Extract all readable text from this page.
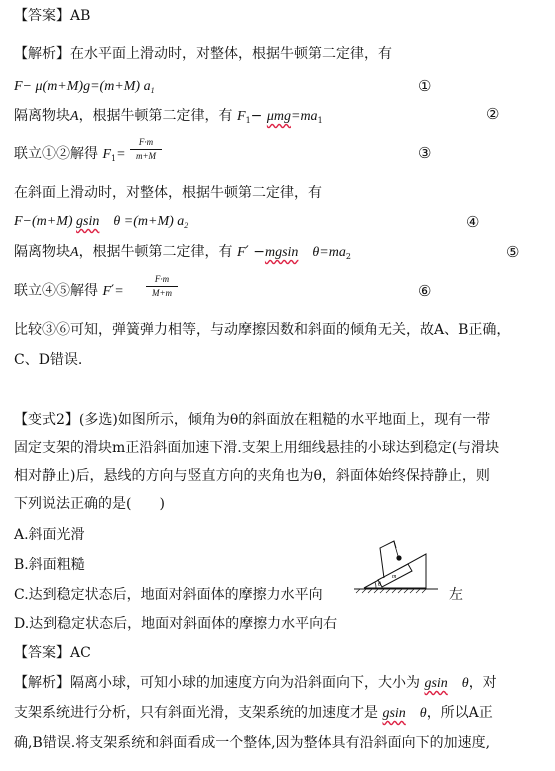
【答案】AB
【解析】在水平面上滑动时，对整体，根据牛顿第二定律，有
F− μ(m+M)g=(m+M) $a_1$	①
隔离物块A，根据牛顿第二定律，有 $F_1- \mu mg=ma_1$	②
联立①②解得 $F_1=$
F·m
m+M	③
在斜面上滑动时，对整体，根据牛顿第二定律，有
F−(m+M) gsin　 θ =(m+M) $a_2$	④
隔离物块A，根据牛顿第二定律，有 F′ −mgsin　 $\theta=ma_2$	⑤
联立④⑤解得 F′=
F·m
M+m	⑥
比较③⑥可知，弹簧弹力相等，与动摩擦因数和斜面的倾角无关，故A、B正确，
C、D错误.
【变式2】(多选)如图所示，倾角为θ的斜面放在粗糙的水平地面上，现有一带
固定支架的滑块m正沿斜面加速下滑.支架上用细线悬挂的小球达到稳定(与滑块
相对静止)后，悬线的方向与竖直方向的夹角也为θ，斜面体始终保持静止，则
下列说法正确的是(　　)
A.斜面光滑
B.斜面粗糙
C.达到稳定状态后，地面对斜面体的摩擦力水平向	左
D.达到稳定状态后，地面对斜面体的摩擦力水平向右
θ
m
【答案】AC
【解析】隔离小球，可知小球的加速度方向为沿斜面向下，大小为 gsin　 θ，对
支架系统进行分析，只有斜面光滑，支架系统的加速度才是 gsin　 θ，所以A正
确,B错误.将支架系统和斜面看成一个整体,因为整体具有沿斜面向下的加速度,
